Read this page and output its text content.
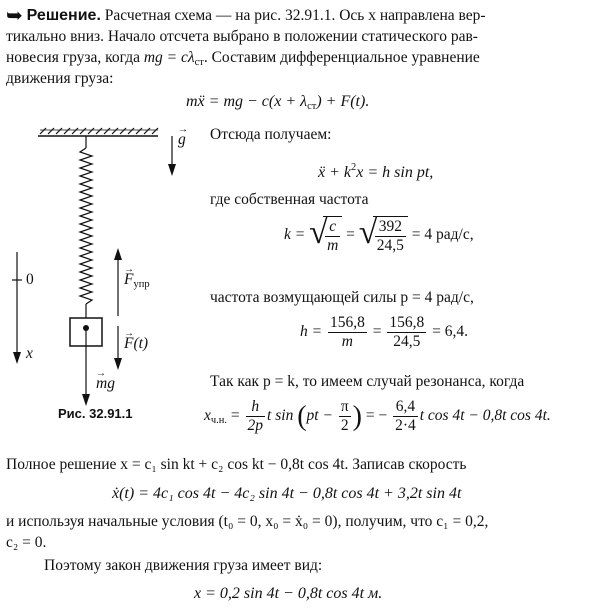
➥ Решение. Расчетная схема — на рис. 32.91.1. Ось x направлена вер-
тикально вниз. Начало отсчета выбрано в положении статического рав-
новесия груза, когда mg = $c\lambda_{ст}$. Составим дифференциальное уравнение
движения груза:
mẍ = mg − $c(x + \lambda_{ст}) + F(t)$.
→ g
0
x
→ $F_{упр}$
→ F(t)
→ mg
Рис. 32.91.1
Отсюда получаем:
ẍ + $k^2x = h$ sin pt,
где собственная частота
k = √
$\frac{c}{m}$ = √
$\frac{392}{24,5} = 4$ рад/с,
частота возмущающей силы p = 4 рад/с,
$h = \frac{156,8}{m} = \frac{156,8}{24,5} = 6,4$.
Так как p = k, то имеем случай резонанса, когда
$x_{ч.н.} = \frac{h}{2p}$ t $\sin (pt - \frac{\pi}{2}$ ) = − $\frac{6,4}{2\cdot 4}$ t cos 4t − 0,8t cos 4t.
Полное решение x = c₁ sin kt + c₂ cos kt − 0,8t cos 4t. Записав скорость
ẋ(t) = 4c₁ cos 4t − 4c₂ sin 4t − 0,8t cos 4t + 3,2t sin 4t
и используя начальные условия (t₀ = 0, x₀ = ẋ₀ = 0), получим, что c₁ = 0,2,
c₂ = 0.
Поэтому закон движения груза имеет вид:
x = 0,2 sin 4t − 0,8t cos 4t м.
